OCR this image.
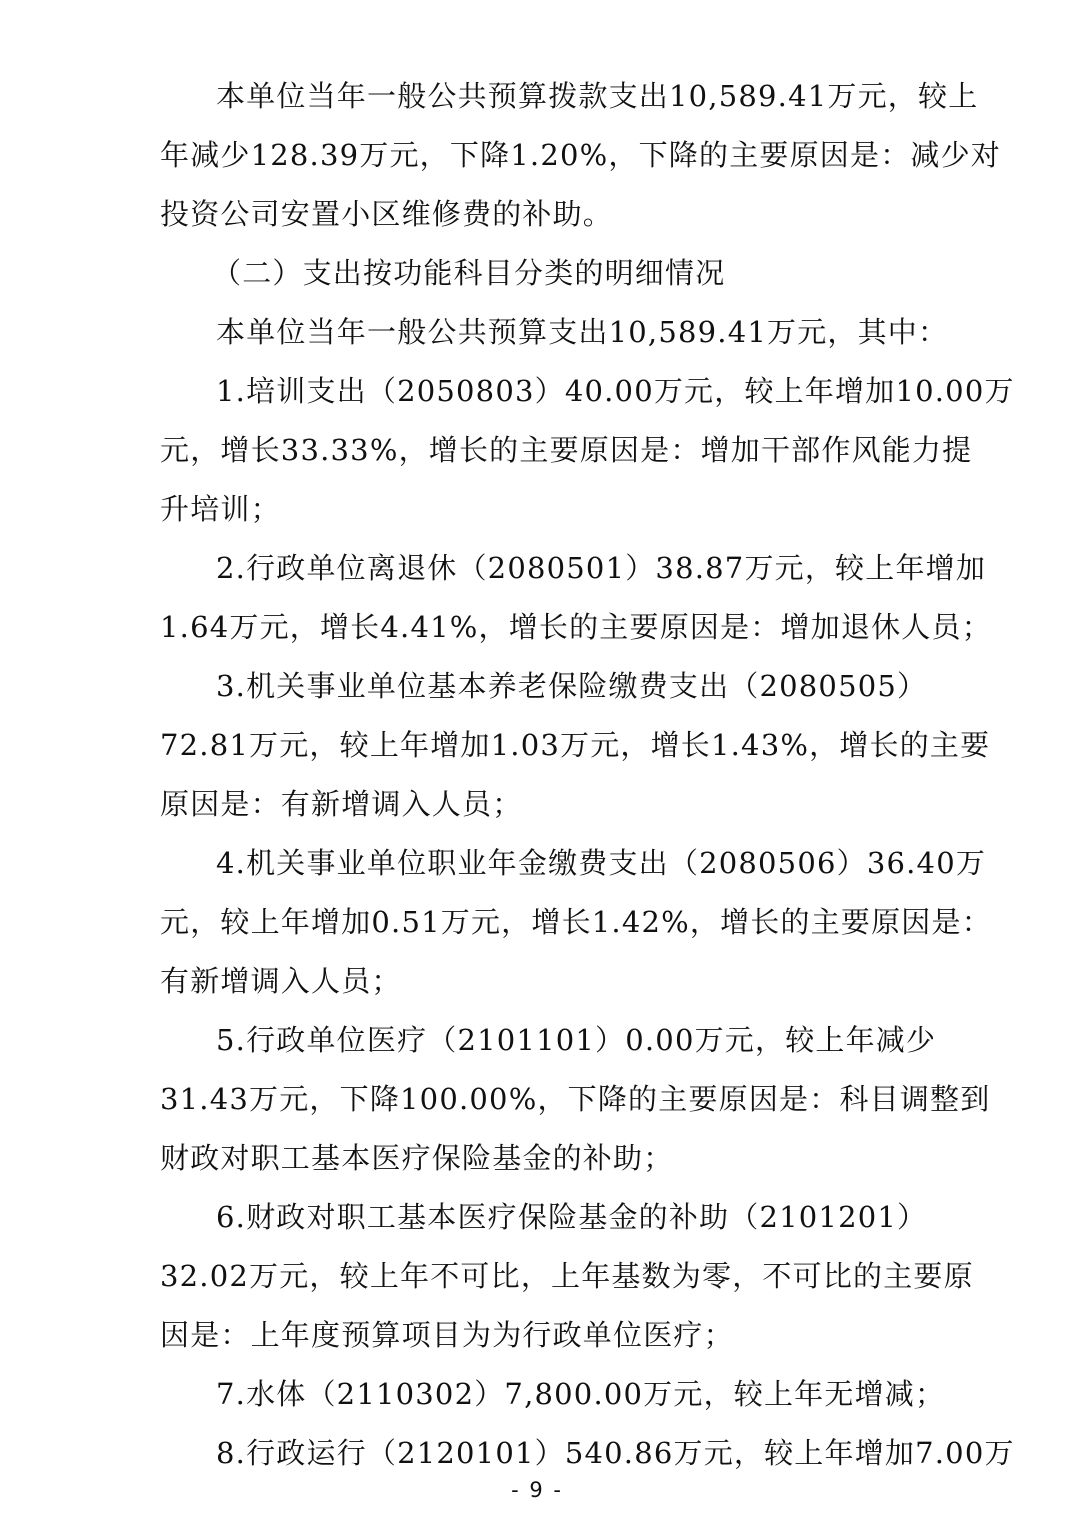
本单位当年一般公共预算拨款支出10,589.41万元，较上
年减少128.39万元，下降1.20%，下降的主要原因是：减少对
投资公司安置小区维修费的补助。
（二）支出按功能科目分类的明细情况
本单位当年一般公共预算支出10,589.41万元，其中：
1.培训支出（2050803）40.00万元，较上年增加10.00万
元，增长33.33%，增长的主要原因是：增加干部作风能力提
升培训；
2.行政单位离退休（2080501）38.87万元，较上年增加
1.64万元，增长4.41%，增长的主要原因是：增加退休人员；
3.机关事业单位基本养老保险缴费支出（2080505）
72.81万元，较上年增加1.03万元，增长1.43%，增长的主要
原因是：有新增调入人员；
4.机关事业单位职业年金缴费支出（2080506）36.40万
元，较上年增加0.51万元，增长1.42%，增长的主要原因是：
有新增调入人员；
5.行政单位医疗（2101101）0.00万元，较上年减少
31.43万元，下降100.00%，下降的主要原因是：科目调整到
财政对职工基本医疗保险基金的补助；
6.财政对职工基本医疗保险基金的补助（2101201）
32.02万元，较上年不可比，上年基数为零，不可比的主要原
因是：上年度预算项目为为行政单位医疗；
7.水体（2110302）7,800.00万元，较上年无增减；
8.行政运行（2120101）540.86万元，较上年增加7.00万
- 9 -
